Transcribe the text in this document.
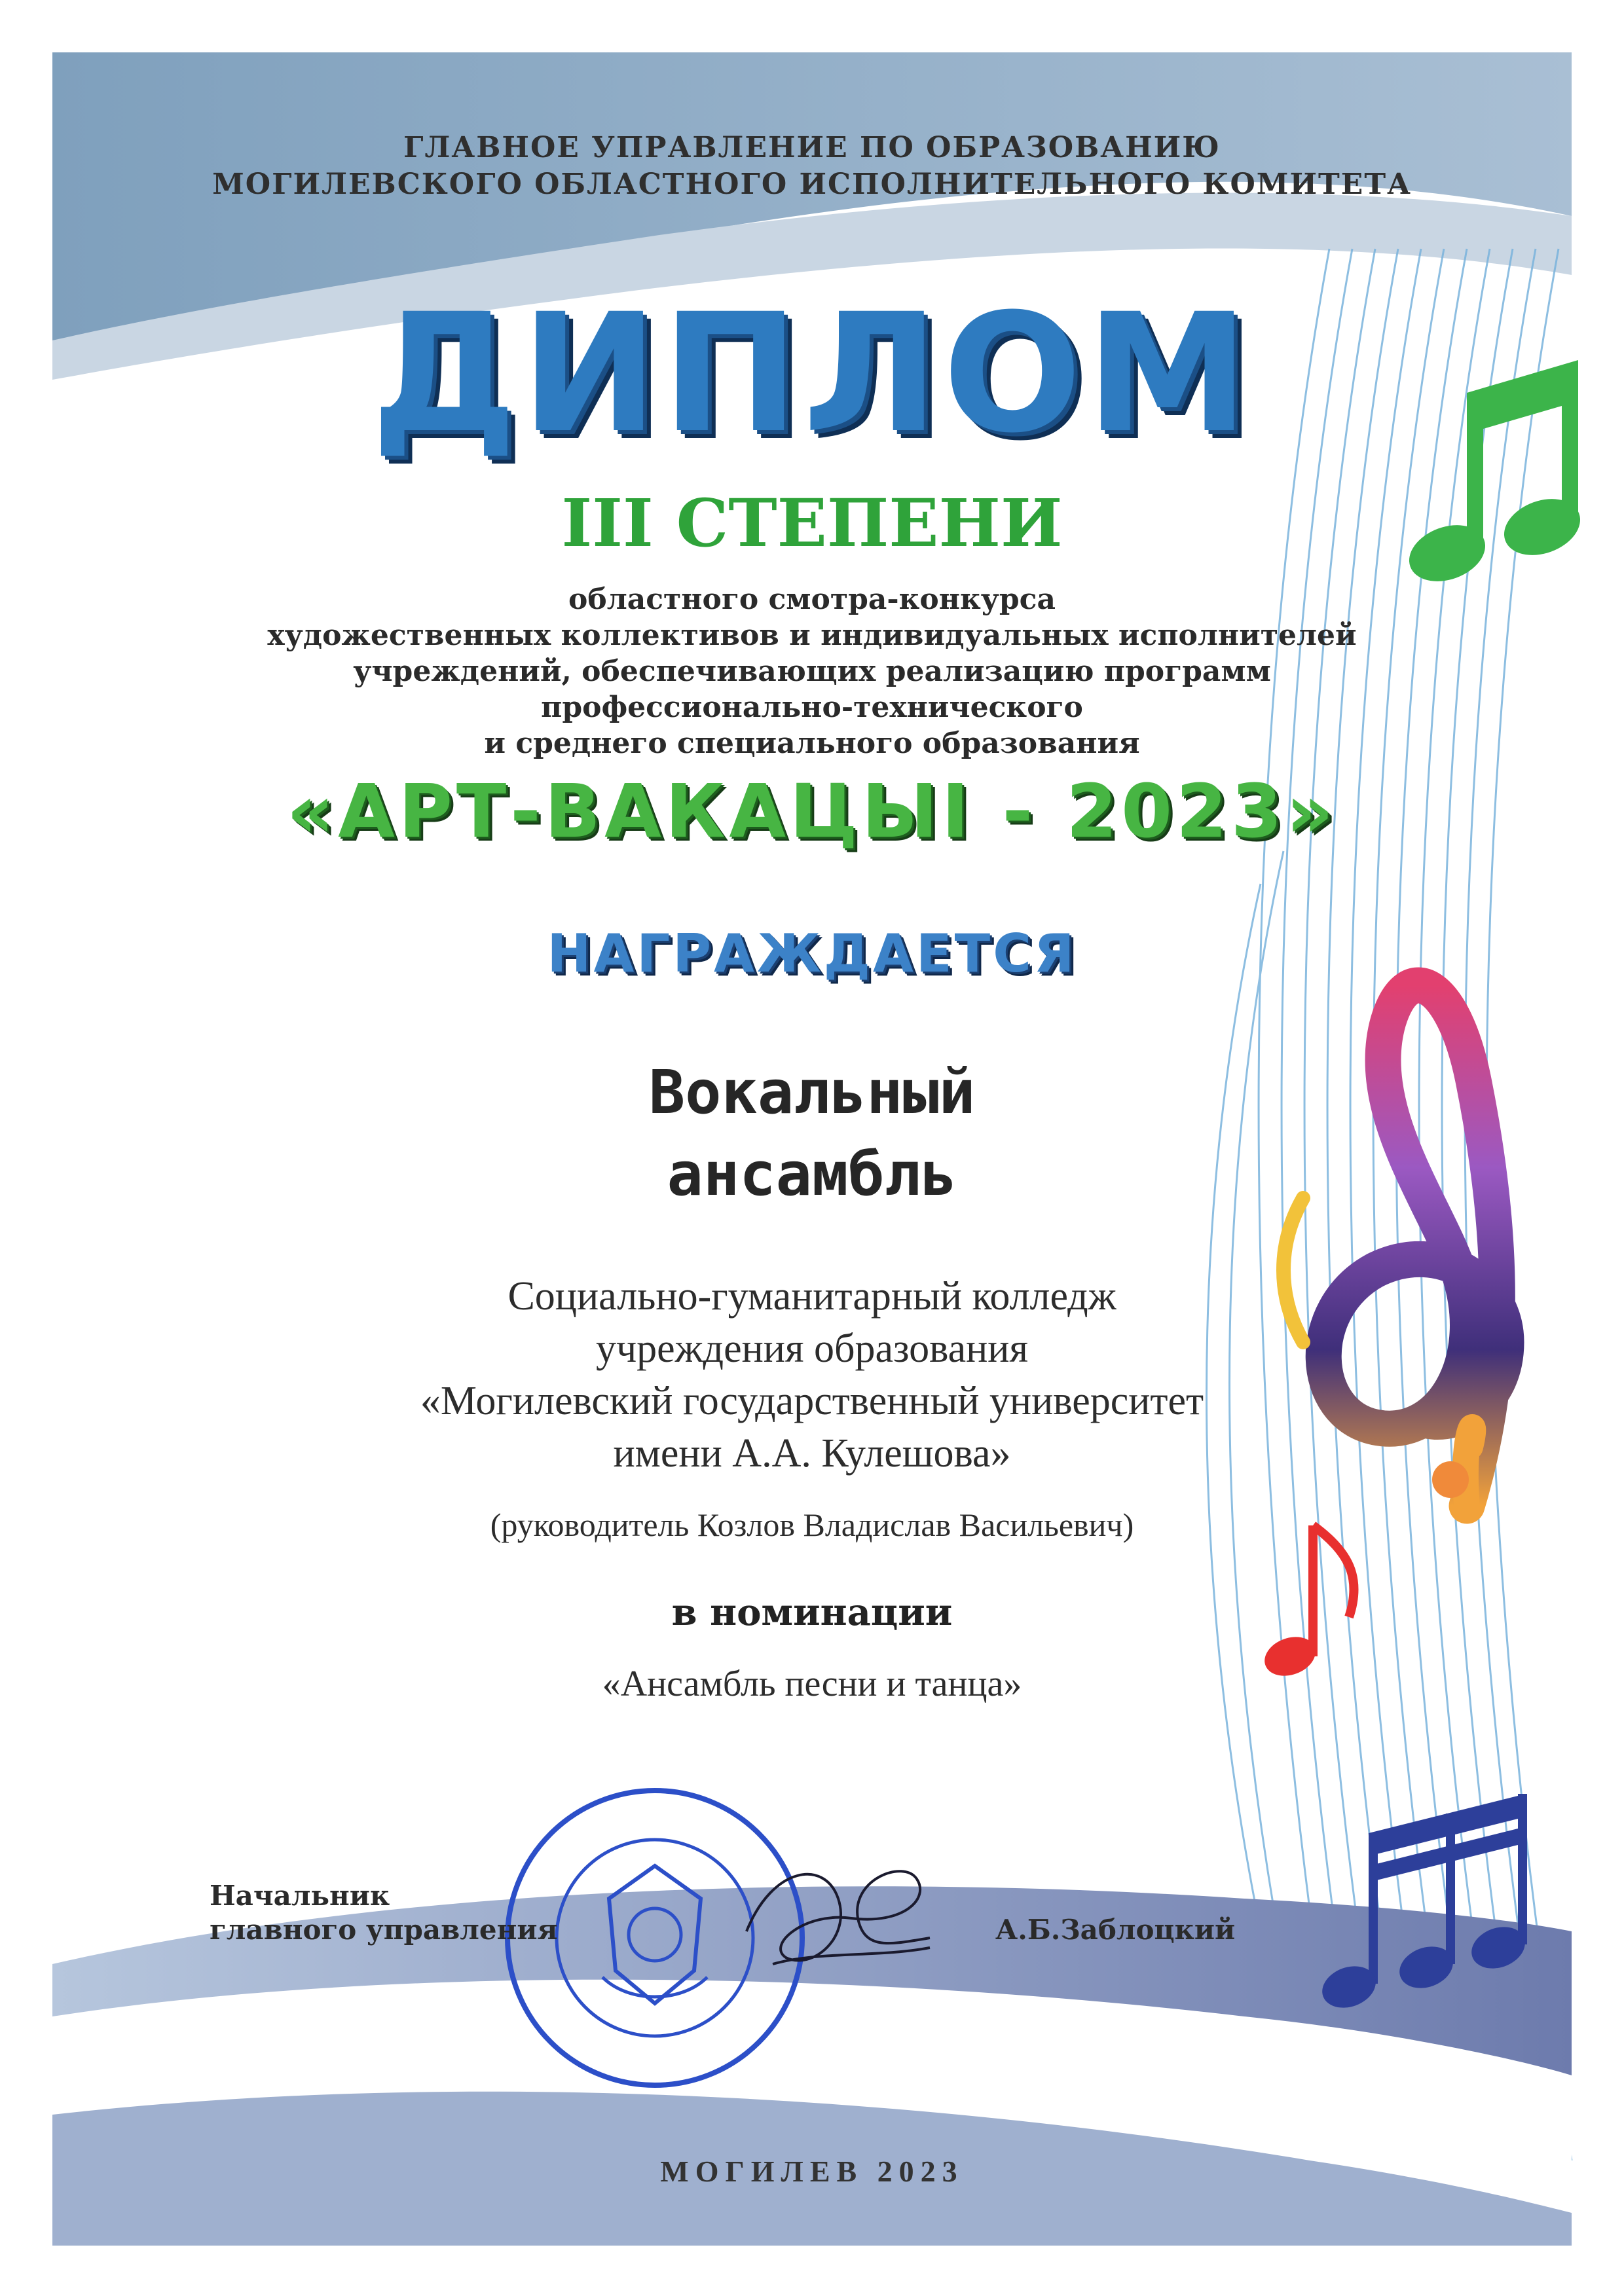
ГЛАВНОЕ УПРАВЛЕНИЕ ПО ОБРАЗОВАНИЮ
МОГИЛЕВСКОГО ОБЛАСТНОГО ИСПОЛНИТЕЛЬНОГО КОМИТЕТА
ДИПЛОМ
III СТЕПЕНИ
областного смотра-конкурса
художественных коллективов и индивидуальных исполнителей
учреждений, обеспечивающих реализацию программ
профессионально-технического
и среднего специального образования
«АРТ-ВАКАЦЫІ - 2023»
НАГРАЖДАЕТСЯ
Вокальный
ансамбль
Социально-гуманитарный колледж
учреждения образования
«Могилевский государственный университет
имени А.А. Кулешова»
(руководитель Козлов Владислав Васильевич)
в номинации
«Ансамбль песни и танца»
Начальник
главного управления	А.Б.Заблоцкий
МОГИЛЕВ 2023
